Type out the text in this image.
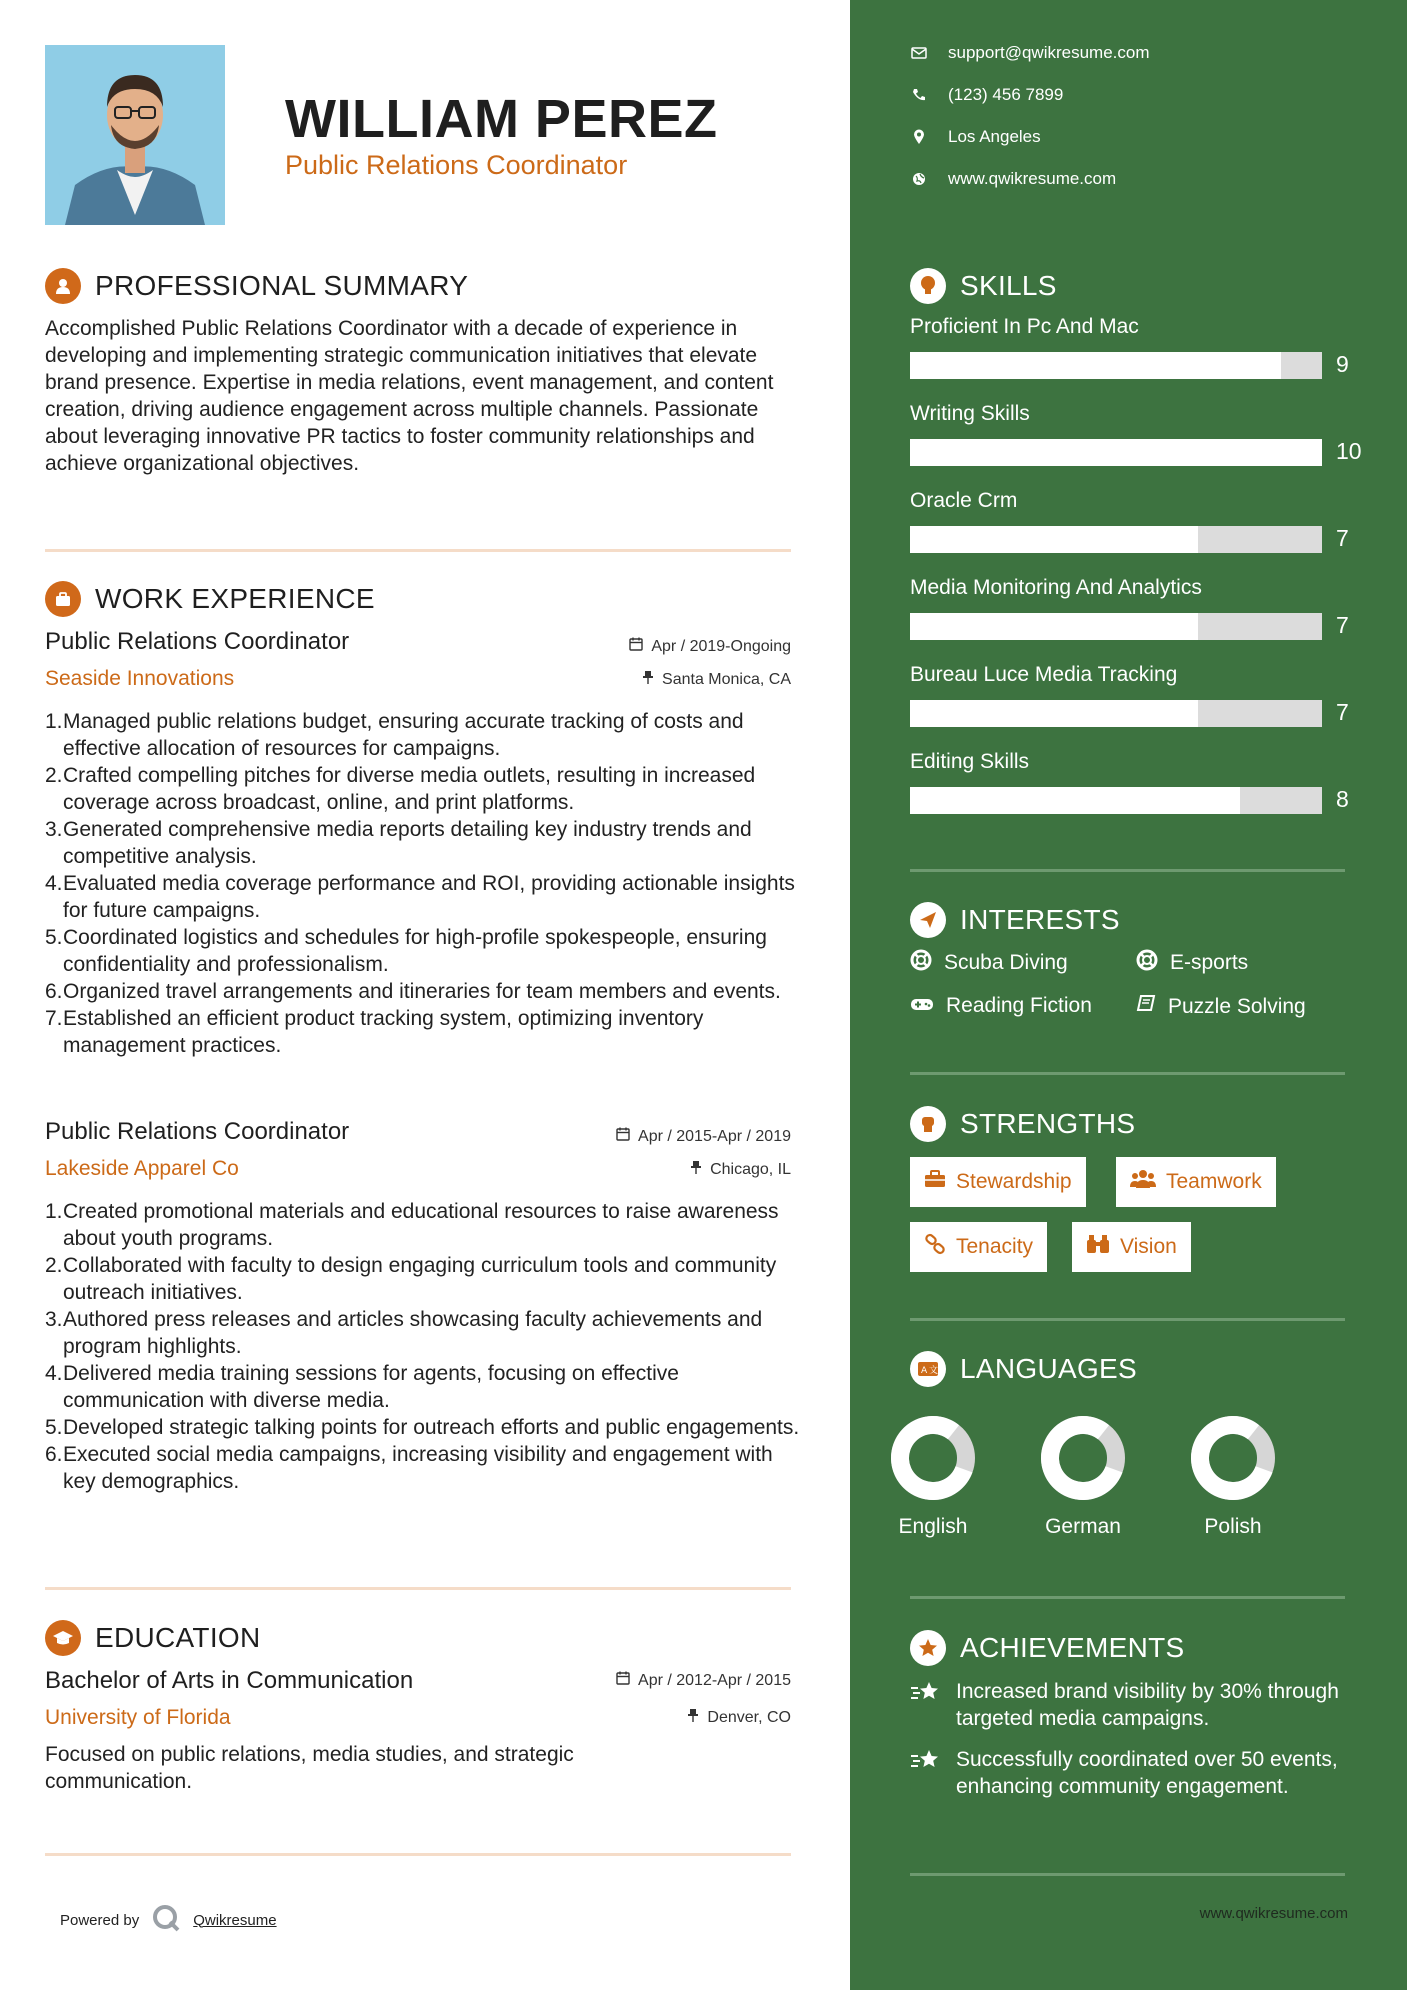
WILLIAM PEREZ
Public Relations Coordinator
PROFESSIONAL SUMMARY
Accomplished Public Relations Coordinator with a decade of experience in developing and implementing strategic communication initiatives that elevate brand presence. Expertise in media relations, event management, and content creation, driving audience engagement across multiple channels. Passionate about leveraging innovative PR tactics to foster community relationships and achieve organizational objectives.
WORK EXPERIENCE
Public Relations Coordinator	Apr / 2019-Ongoing
Seaside Innovations	Santa Monica, CA
1. Managed public relations budget, ensuring accurate tracking of costs and effective allocation of resources for campaigns.
2. Crafted compelling pitches for diverse media outlets, resulting in increased coverage across broadcast, online, and print platforms.
3. Generated comprehensive media reports detailing key industry trends and competitive analysis.
4. Evaluated media coverage performance and ROI, providing actionable insights for future campaigns.
5. Coordinated logistics and schedules for high-profile spokespeople, ensuring confidentiality and professionalism.
6. Organized travel arrangements and itineraries for team members and events.
7. Established an efficient product tracking system, optimizing inventory management practices.
Public Relations Coordinator	Apr / 2015-Apr / 2019
Lakeside Apparel Co	Chicago, IL
1. Created promotional materials and educational resources to raise awareness about youth programs.
2. Collaborated with faculty to design engaging curriculum tools and community outreach initiatives.
3. Authored press releases and articles showcasing faculty achievements and program highlights.
4. Delivered media training sessions for agents, focusing on effective communication with diverse media.
5. Developed strategic talking points for outreach efforts and public engagements.
6. Executed social media campaigns, increasing visibility and engagement with key demographics.
EDUCATION
Bachelor of Arts in Communication	Apr / 2012-Apr / 2015
University of Florida	Denver, CO
Focused on public relations, media studies, and strategic communication.
Powered by	Qwikresume
support@qwikresume.com
(123) 456 7899
Los Angeles
www.qwikresume.com
SKILLS
Proficient In Pc And Mac
9
Writing Skills
10
Oracle Crm
7
Media Monitoring And Analytics
7
Bureau Luce Media Tracking
7
Editing Skills
8
INTERESTS
Scuba Diving	E-sports
Reading Fiction	Puzzle Solving
STRENGTHS
Stewardship	Teamwork
Tenacity	Vision
A 文 LANGUAGES
English	German	Polish
ACHIEVEMENTS
Increased brand visibility by 30% through targeted media campaigns.
Successfully coordinated over 50 events, enhancing community engagement.
www.qwikresume.com
